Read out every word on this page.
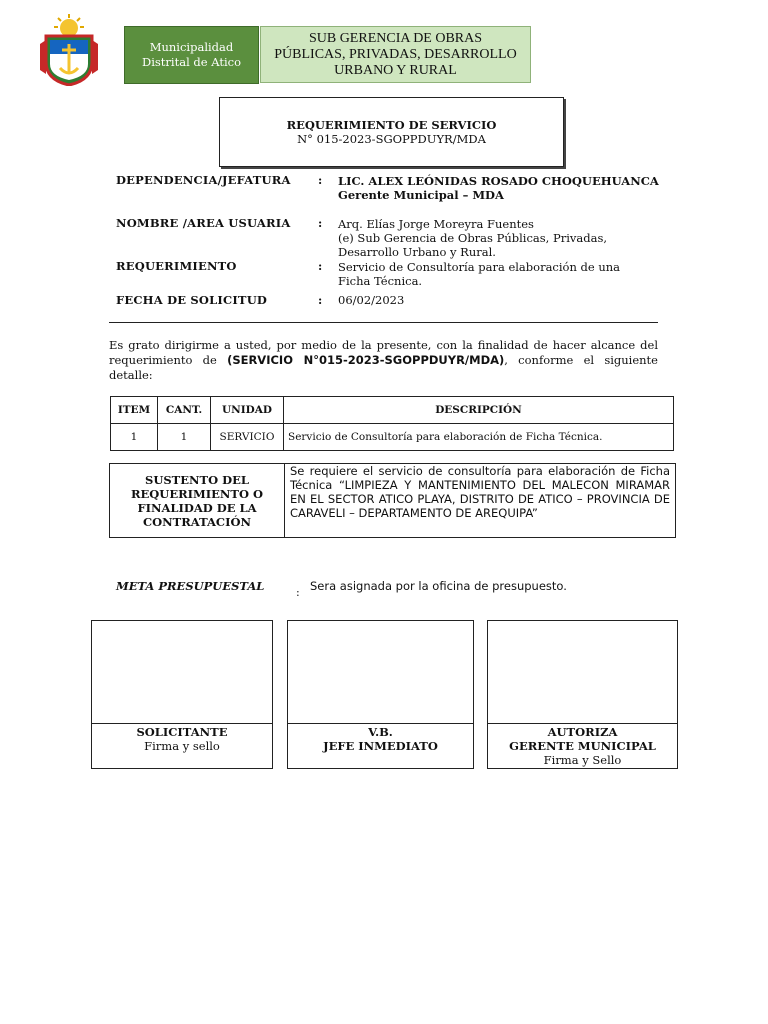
Municipalidad
Distrital de Atico
SUB GERENCIA DE OBRAS
PÚBLICAS, PRIVADAS, DESARROLLO
URBANO Y RURAL
REQUERIMIENTO DE SERVICIO
N° 015-2023-SGOPPDUYR/MDA
DEPENDENCIA/JEFATURA : LIC. ALEX LEÓNIDAS ROSADO CHOQUEHUANCA
Gerente Municipal – MDA
NOMBRE /AREA USUARIA : Arq. Elías Jorge Moreyra Fuentes
(e) Sub Gerencia de Obras Públicas, Privadas,
Desarrollo Urbano y Rural.
REQUERIMIENTO	: Servicio de Consultoría para elaboración de una
Ficha Técnica.
FECHA DE SOLICITUD	: 06/02/2023
Es grato dirigirme a usted, por medio de la presente, con la finalidad de hacer alcance del requerimiento de (SERVICIO N°015-2023-SGOPPDUYR/MDA), conforme el siguiente detalle:
ITEM	CANT.	UNIDAD	DESCRIPCIÓN
1	1	SERVICIO	Servicio de Consultoría para elaboración de Ficha Técnica.
SUSTENTO DEL
REQUERIMIENTO O
FINALIDAD DE LA
CONTRATACIÓN
Se requiere el servicio de consultoría para elaboración de Ficha Técnica “LIMPIEZA Y MANTENIMIENTO DEL MALECON MIRAMAR EN EL SECTOR ATICO PLAYA, DISTRITO DE ATICO – PROVINCIA DE CARAVELI – DEPARTAMENTO DE AREQUIPA”
META PRESUPUESTAL	: Sera asignada por la oficina de presupuesto.
SOLICITANTE
Firma y sello
V.B.
JEFE INMEDIATO
AUTORIZA
GERENTE MUNICIPAL
Firma y Sello
